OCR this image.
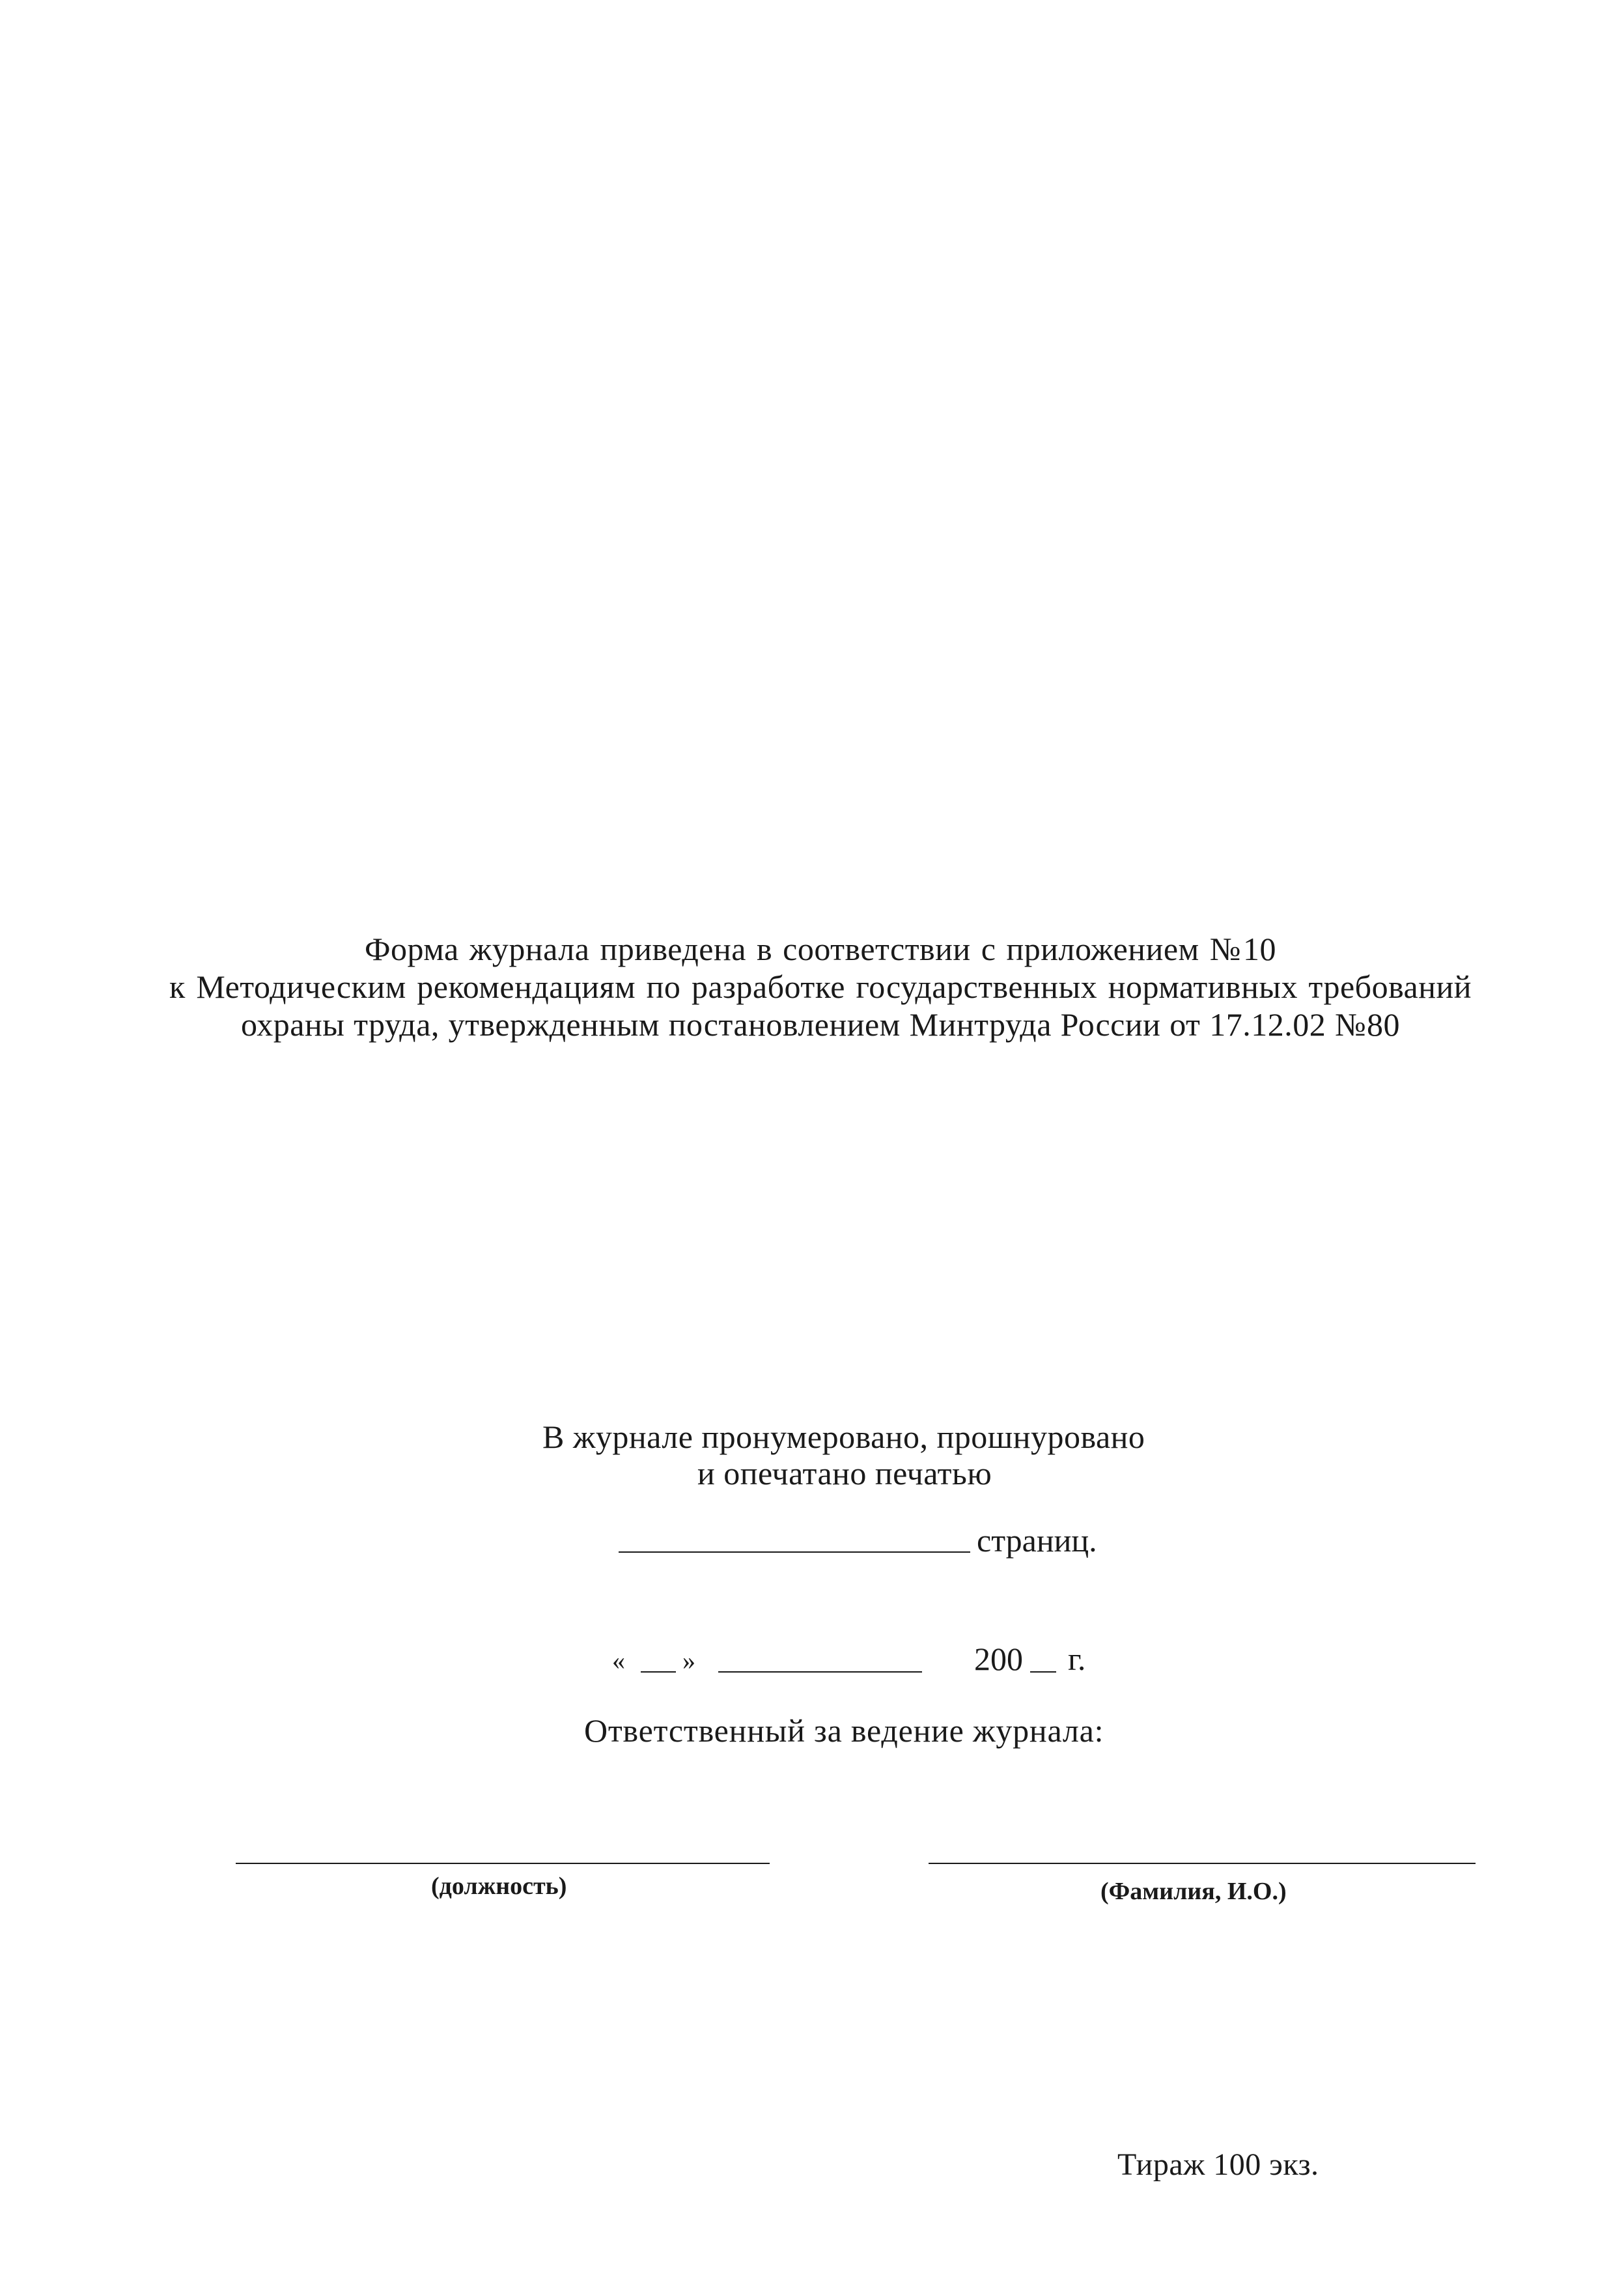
Форма журнала приведена в соответствии с приложением №10
к Методическим рекомендациям по разработке государственных нормативных требований
охраны труда, утвержденным постановлением Минтруда России от 17.12.02 №80
В журнале пронумеровано, прошнуровано
и опечатано печатью
страниц.
« »	200 г.
Ответственный за ведение журнала:
(должность)	(Фамилия, И.О.)
Тираж 100 экз.
